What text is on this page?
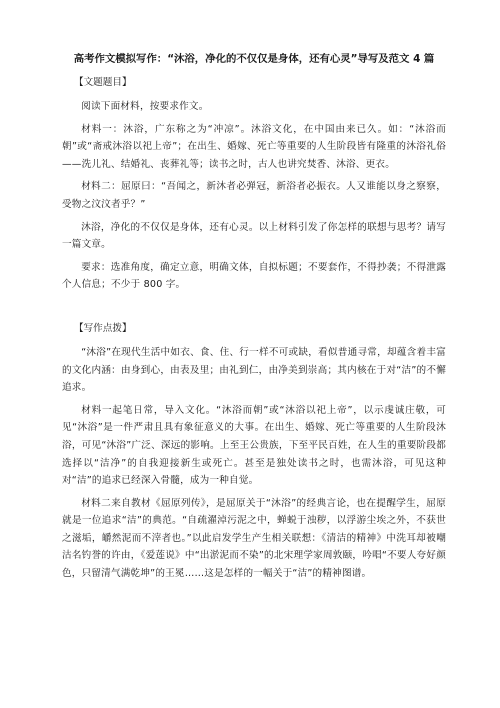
高考作文模拟写作：“沐浴，净化的不仅仅是身体，还有心灵”导写及范文 4 篇
【文题题目】

阅读下面材料，按要求作文。

材料一：沐浴，广东称之为“冲凉”。沐浴文化，在中国由来已久。如：“沐浴而朝”或“斋戒沐浴以祀上帝”；在出生、婚嫁、死亡等重要的人生阶段皆有隆重的沐浴礼俗——洗儿礼、结婚礼、丧葬礼等；读书之时，古人也讲究焚香、沐浴、更衣。

材料二：屈原曰：“吾闻之，新沐者必弹冠，新浴者必振衣。人又谁能以身之察察，受物之汶汶者乎？”

沐浴，净化的不仅仅是身体，还有心灵。以上材料引发了你怎样的联想与思考？请写一篇文章。

要求：选准角度，确定立意，明确文体，自拟标题；不要套作，不得抄袭；不得泄露个人信息；不少于 800 字。

【写作点拨】

“沐浴”在现代生活中如衣、食、住、行一样不可或缺，看似普通寻常，却蕴含着丰富的文化内涵：由身到心，由表及里；由礼到仁，由净美到崇高；其内核在于对“洁”的不懈追求。

材料一起笔日常，导入文化。“沐浴而朝”或“沐浴以祀上帝”，以示虔诚庄敬，可见“沐浴”是一件严肃且具有象征意义的大事。在出生、婚嫁、死亡等重要的人生阶段沐浴，可见“沐浴”广泛、深远的影响。上至王公贵族，下至平民百姓，在人生的重要阶段都选择以“洁净”的自我迎接新生或死亡。甚至是独处读书之时，也需沐浴，可见这种对“洁”的追求已经深入骨髓，成为一种自觉。

材料二来自教材《屈原列传》，是屈原关于“沐浴”的经典言论，也在提醒学生，屈原就是一位追求“洁”的典范。“自疏濯淖污泥之中，蝉蜕于浊秽，以浮游尘埃之外，不获世之滋垢，皭然泥而不滓者也。”以此启发学生产生相关联想：《清洁的精神》中洗耳却被嘲沽名钓誉的许由，《爱莲说》中“出淤泥而不染”的北宋理学家周敦颐，吟唱“不要人夸好颜色，只留清气满乾坤”的王冕……这是怎样的一幅关于“洁”的精神图谱。
